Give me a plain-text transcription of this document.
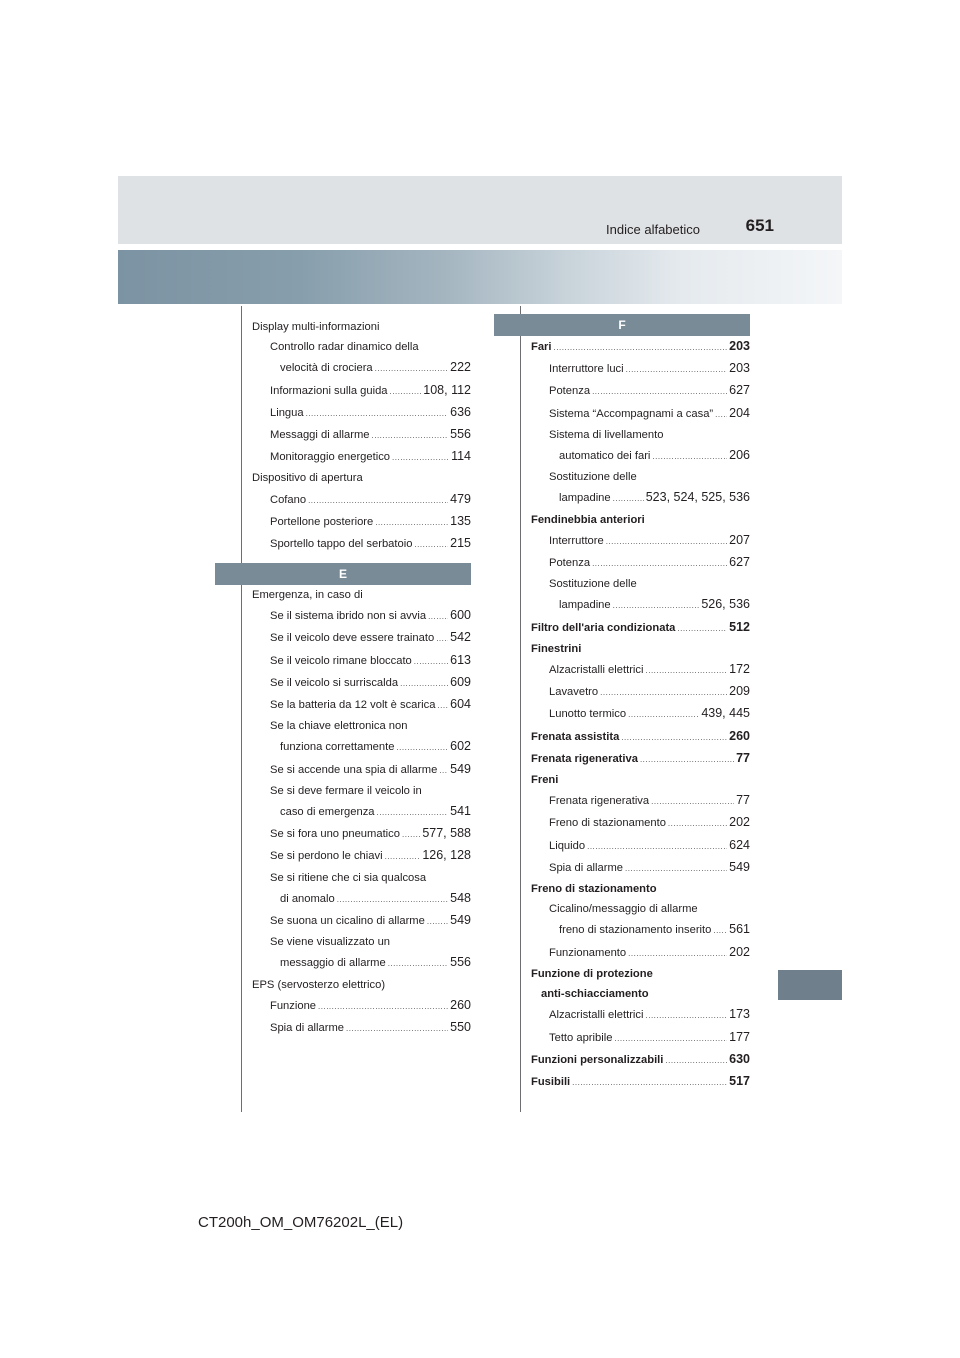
Indice alfabetico	651
E
F
Display multi-informazioni
Controllo radar dinamico della
velocità di crociera .....	222
Informazioni sulla guida .....	108, 112
Lingua .....	636
Messaggi di allarme .....	556
Monitoraggio energetico .....	114
Dispositivo di apertura
Cofano .....	479
Portellone posteriore .....	135
Sportello tappo del serbatoio .....	215
Emergenza, in caso di
Se il sistema ibrido non si avvia ..... 600
Se il veicolo deve essere trainato ..... 542
Se il veicolo rimane bloccato .....	613
Se il veicolo si surriscalda .....	609
Se la batteria da 12 volt è scarica ..... 604
Se la chiave elettronica non
funziona correttamente .....	602
Se si accende una spia di allarme ..... 549
Se si deve fermare il veicolo in
caso di emergenza .....	541
Se si fora uno pneumatico ..... 577, 588
Se si perdono le chiavi .....	126, 128
Se si ritiene che ci sia qualcosa
di anomalo .....	548
Se suona un cicalino di allarme ..... 549
Se viene visualizzato un
messaggio di allarme .....	556
EPS (servosterzo elettrico)
Funzione .....	260
Spia di allarme .....	550
Fari .....	203
Interruttore luci .....	203
Potenza .....	627
Sistema “Accompagnami a casa” ..... 204
Sistema di livellamento
automatico dei fari .....	206
Sostituzione delle
lampadine .....	523, 524, 525, 536
Fendinebbia anteriori
Interruttore .....	207
Potenza .....	627
Sostituzione delle
lampadine .....	526, 536
Filtro dell'aria condizionata .....	512
Finestrini
Alzacristalli elettrici .....	172
Lavavetro .....	209
Lunotto termico .....	439, 445
Frenata assistita .....	260
Frenata rigenerativa .....	77
Freni
Frenata rigenerativa .....	77
Freno di stazionamento .....	202
Liquido .....	624
Spia di allarme .....	549
Freno di stazionamento
Cicalino/messaggio di allarme
freno di stazionamento inserito ..... 561
Funzionamento .....	202
Funzione di protezione
anti-schiacciamento
Alzacristalli elettrici .....	173
Tetto apribile .....	177
Funzioni personalizzabili .....	630
Fusibili .....	517
CT200h_OM_OM76202L_(EL)
